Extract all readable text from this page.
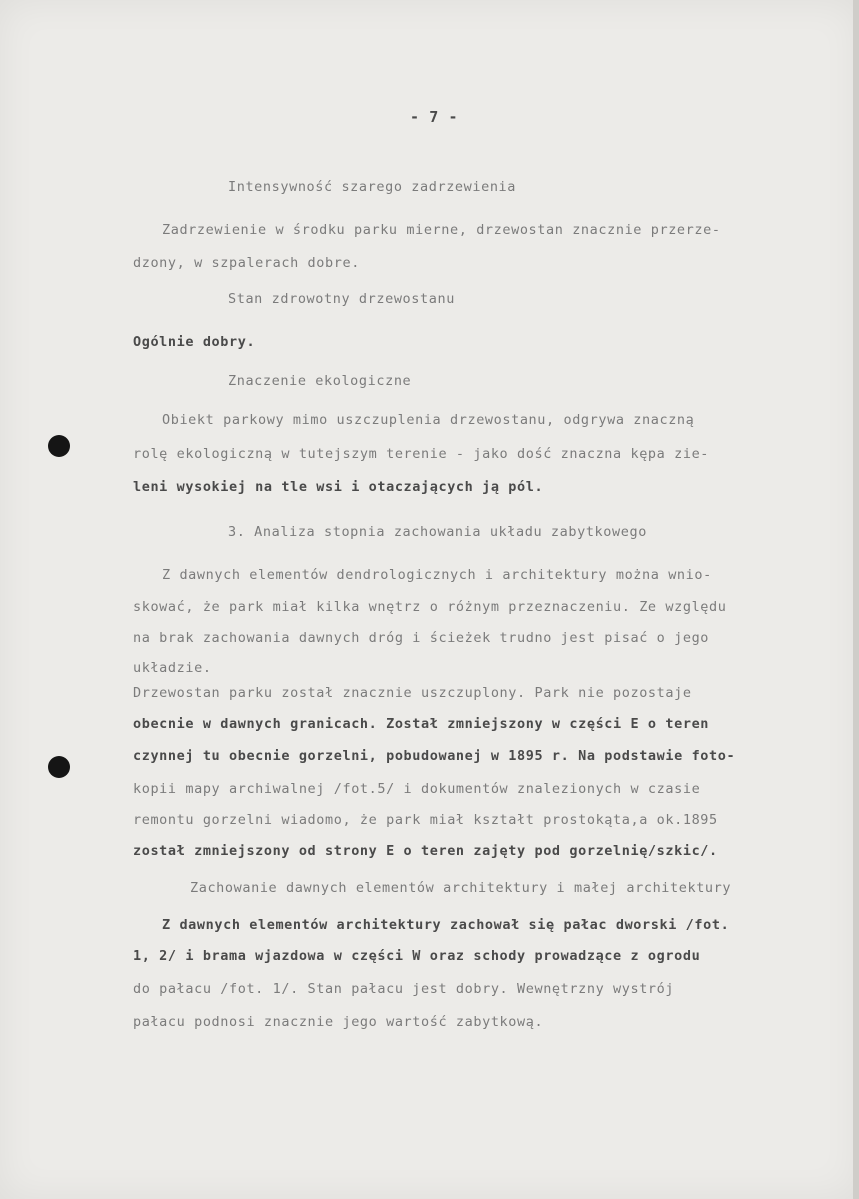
- 7 -

Intensywność szarego zadrzewienia

Zadrzewienie w środku parku mierne, drzewostan znacznie przerze-

dzony, w szpalerach dobre.

Stan zdrowotny drzewostanu

Ogólnie dobry.

Znaczenie ekologiczne

Obiekt parkowy mimo uszczuplenia drzewostanu, odgrywa znaczną

rolę ekologiczną w tutejszym terenie - jako dość znaczna kępa zie-

leni wysokiej na tle wsi i otaczających ją pól.

3. Analiza stopnia zachowania układu zabytkowego

Z dawnych elementów dendrologicznych i architektury można wnio-

skować, że park miał kilka wnętrz o różnym przeznaczeniu. Ze względu

na brak zachowania dawnych dróg i ścieżek trudno jest pisać o jego

układzie.

Drzewostan parku został znacznie uszczuplony. Park nie pozostaje

obecnie w dawnych granicach. Został zmniejszony w części E o teren

czynnej tu obecnie gorzelni, pobudowanej w 1895 r. Na podstawie foto-

kopii mapy archiwalnej /fot.5/ i dokumentów znalezionych w czasie

remontu gorzelni wiadomo, że park miał kształt prostokąta,a ok.1895

został zmniejszony od strony E o teren zajęty pod gorzelnię/szkic/.

Zachowanie dawnych elementów architektury i małej architektury

Z dawnych elementów architektury zachował się pałac dworski /fot.

1, 2/ i brama wjazdowa w części W oraz schody prowadzące z ogrodu

do pałacu /fot. 1/. Stan pałacu jest dobry. Wewnętrzny wystrój

pałacu podnosi znacznie jego wartość zabytkową.
